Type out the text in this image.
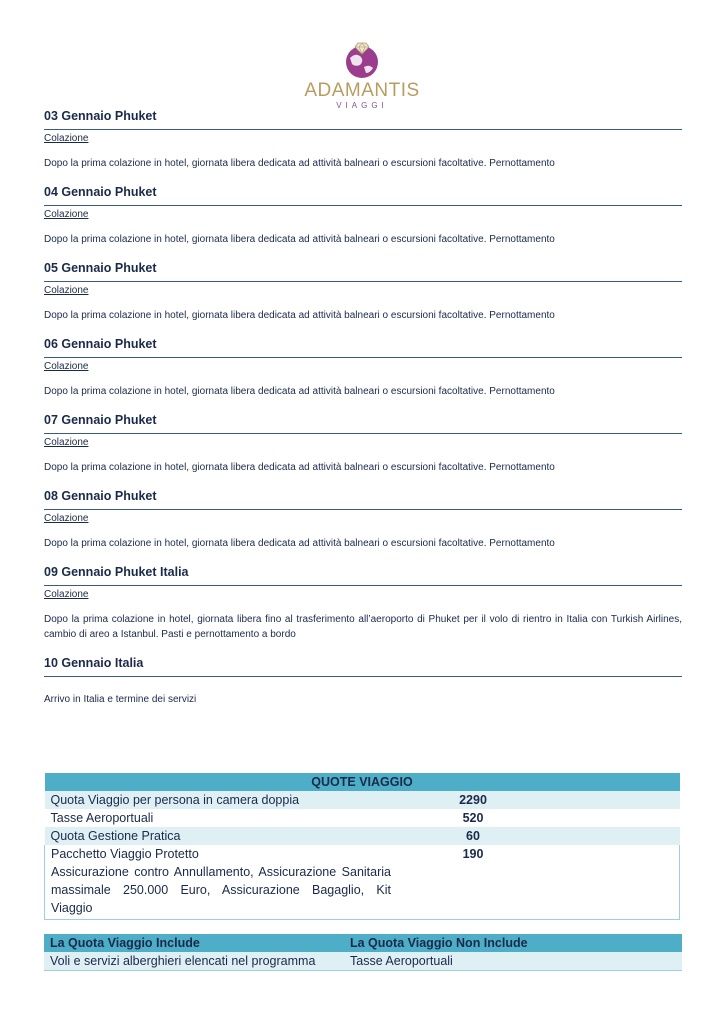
ADAMANTIS
VIAGGI
03 Gennaio Phuket
Colazione
Dopo la prima colazione in hotel, giornata libera dedicata ad attività balneari o escursioni facoltative. Pernottamento
04 Gennaio Phuket
Colazione
Dopo la prima colazione in hotel, giornata libera dedicata ad attività balneari o escursioni facoltative. Pernottamento
05 Gennaio Phuket
Colazione
Dopo la prima colazione in hotel, giornata libera dedicata ad attività balneari o escursioni facoltative. Pernottamento
06 Gennaio Phuket
Colazione
Dopo la prima colazione in hotel, giornata libera dedicata ad attività balneari o escursioni facoltative. Pernottamento
07 Gennaio Phuket
Colazione
Dopo la prima colazione in hotel, giornata libera dedicata ad attività balneari o escursioni facoltative. Pernottamento
08 Gennaio Phuket
Colazione
Dopo la prima colazione in hotel, giornata libera dedicata ad attività balneari o escursioni facoltative. Pernottamento
09 Gennaio Phuket Italia
Colazione
Dopo la prima colazione in hotel, giornata libera fino al trasferimento all’aeroporto di Phuket per il volo di rientro in Italia con Turkish Airlines, cambio di areo a Istanbul. Pasti e pernottamento a bordo
10 Gennaio Italia
Arrivo in Italia e termine dei servizi
QUOTE VIAGGIO		
Quota Viaggio per persona in camera doppia	2290	
Tasse Aeroportuali	520	
Quota Gestione Pratica	60	

Pacchetto Viaggio Protetto
Assicurazione contro Annullamento, Assicurazione Sanitaria massimale 250.000 Euro, Assicurazione Bagaglio, Kit Viaggio	190	
La Quota Viaggio Include	La Quota Viaggio Non Include
Voli e servizi alberghieri elencati nel programma	Tasse Aeroportuali
